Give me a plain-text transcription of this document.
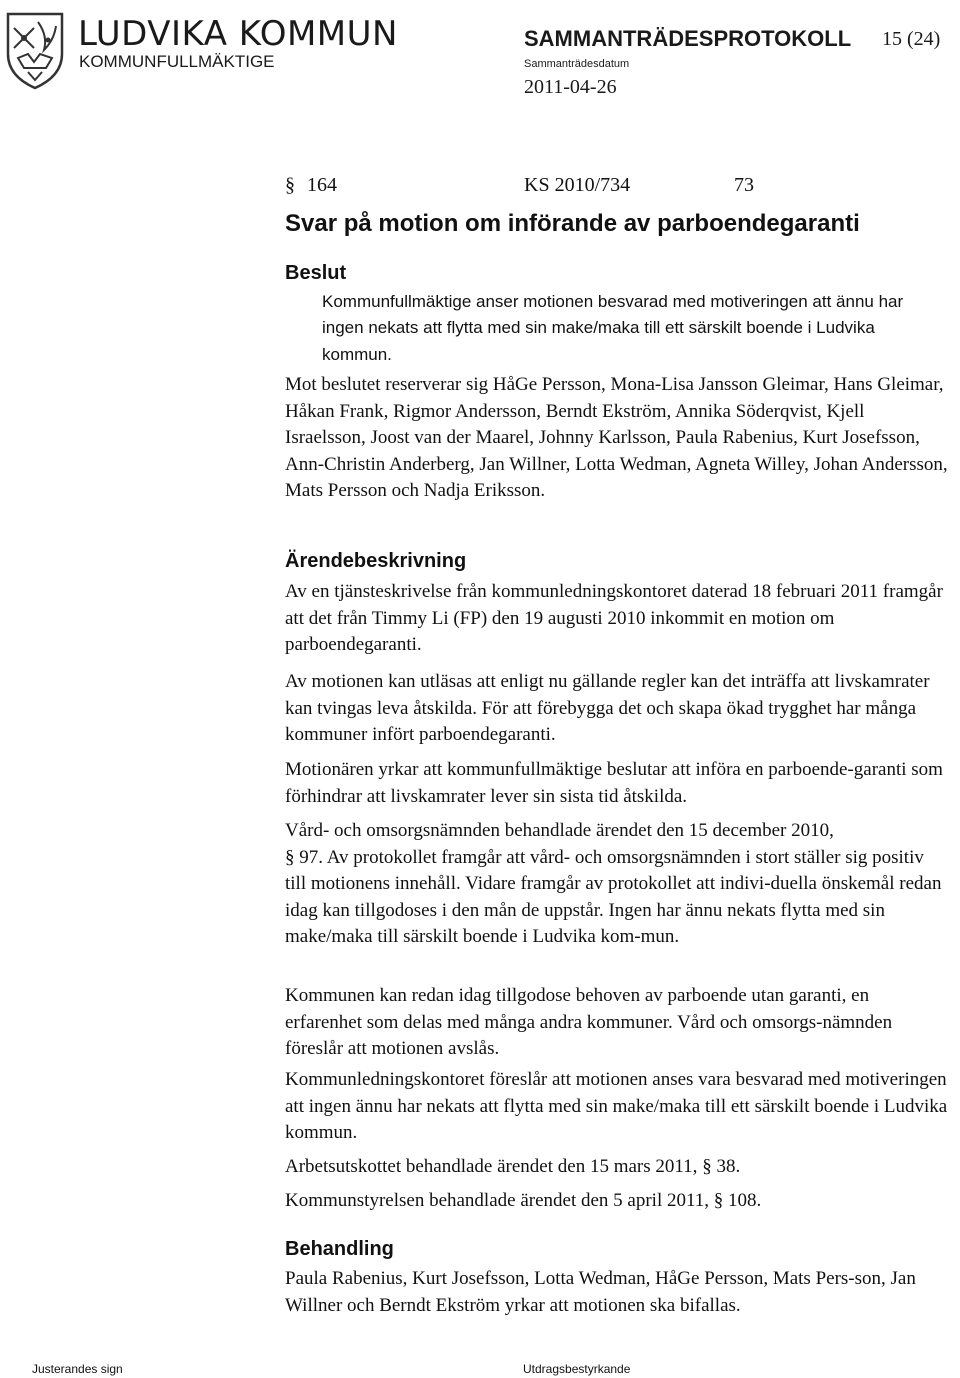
LUDVIKA KOMMUN
KOMMUNFULLMÄKTIGE
SAMMANTRÄDESPROTOKOLL 15 (24)
Sammanträdesdatum
2011-04-26
§ 164	KS 2010/734	73
Svar på motion om införande av parboendegaranti
Beslut
Kommunfullmäktige anser motionen besvarad med motiveringen att ännu har ingen nekats att flytta med sin make/maka till ett särskilt boende i Ludvika kommun.
Mot beslutet reserverar sig HåGe Persson, Mona-Lisa Jansson Gleimar, Hans Gleimar, Håkan Frank, Rigmor Andersson, Berndt Ekström, Annika Söderqvist, Kjell Israelsson, Joost van der Maarel, Johnny Karlsson, Paula Rabenius, Kurt Josefsson, Ann-Christin Anderberg, Jan Willner, Lotta Wedman, Agneta Willey, Johan Andersson, Mats Persson och Nadja Eriksson.
Ärendebeskrivning
Av en tjänsteskrivelse från kommunledningskontoret daterad 18 februari 2011 framgår att det från Timmy Li (FP) den 19 augusti 2010 inkommit en motion om parboendegaranti.
Av motionen kan utläsas att enligt nu gällande regler kan det inträffa att livskamrater kan tvingas leva åtskilda. För att förebygga det och skapa ökad trygghet har många kommuner infört parboendegaranti.
Motionären yrkar att kommunfullmäktige beslutar att införa en parboende-garanti som förhindrar att livskamrater lever sin sista tid åtskilda.
Vård- och omsorgsnämnden behandlade ärendet den 15 december 2010,
§ 97. Av protokollet framgår att vård- och omsorgsnämnden i stort ställer sig positiv till motionens innehåll. Vidare framgår av protokollet att indivi-duella önskemål redan idag kan tillgodoses i den mån de uppstår. Ingen har ännu nekats flytta med sin make/maka till särskilt boende i Ludvika kom-mun.
Kommunen kan redan idag tillgodose behoven av parboende utan garanti, en erfarenhet som delas med många andra kommuner. Vård och omsorgs-nämnden föreslår att motionen avslås.
Kommunledningskontoret föreslår att motionen anses vara besvarad med motiveringen att ingen ännu har nekats att flytta med sin make/maka till ett särskilt boende i Ludvika kommun.
Arbetsutskottet behandlade ärendet den 15 mars 2011, § 38.
Kommunstyrelsen behandlade ärendet den 5 april 2011, § 108.
Behandling
Paula Rabenius, Kurt Josefsson, Lotta Wedman, HåGe Persson, Mats Pers-son, Jan Willner och Berndt Ekström yrkar att motionen ska bifallas.
Justerandes sign	Utdragsbestyrkande
